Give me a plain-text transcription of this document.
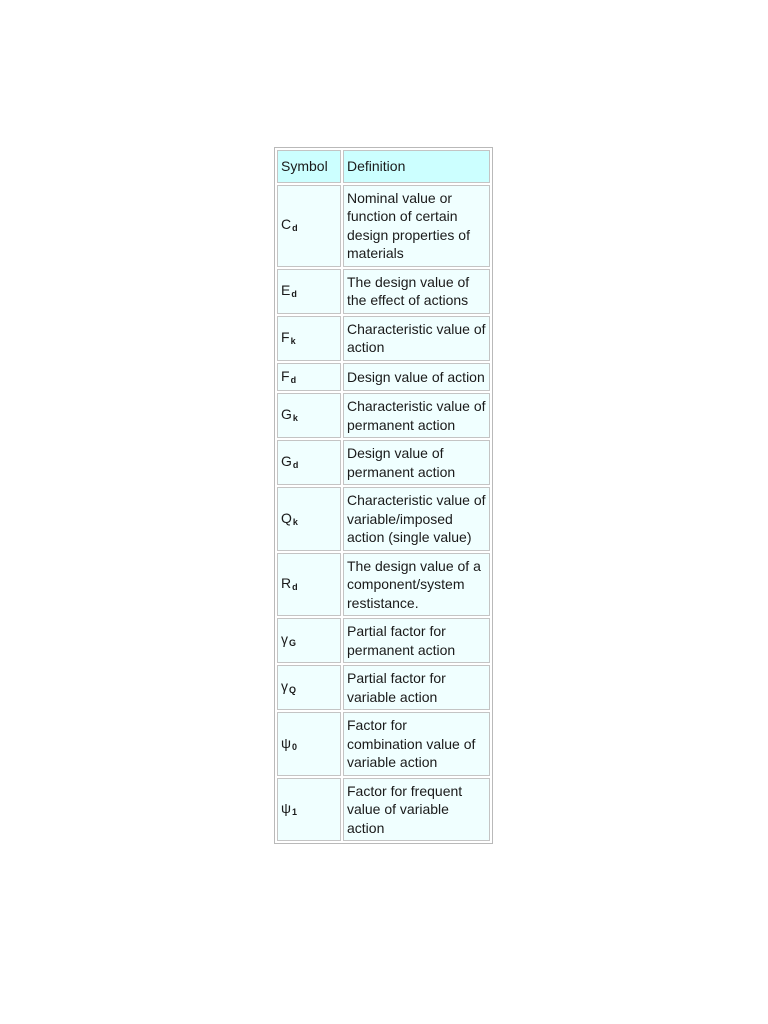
Symbol	Definition
Cd	Nominal value or function of certain design properties of materials
Ed	The design value of the effect of actions
Fk	Characteristic value of action
Fd	Design value of action
Gk	Characteristic value of permanent action
Gd	Design value of permanent action
Qk	Characteristic value of variable/imposed action (single value)
Rd	The design value of a component/system restistance.
γG	Partial factor for permanent action
γQ	Partial factor for variable action
ψ0	Factor for combination value of variable action
ψ1	Factor for frequent value of variable action
